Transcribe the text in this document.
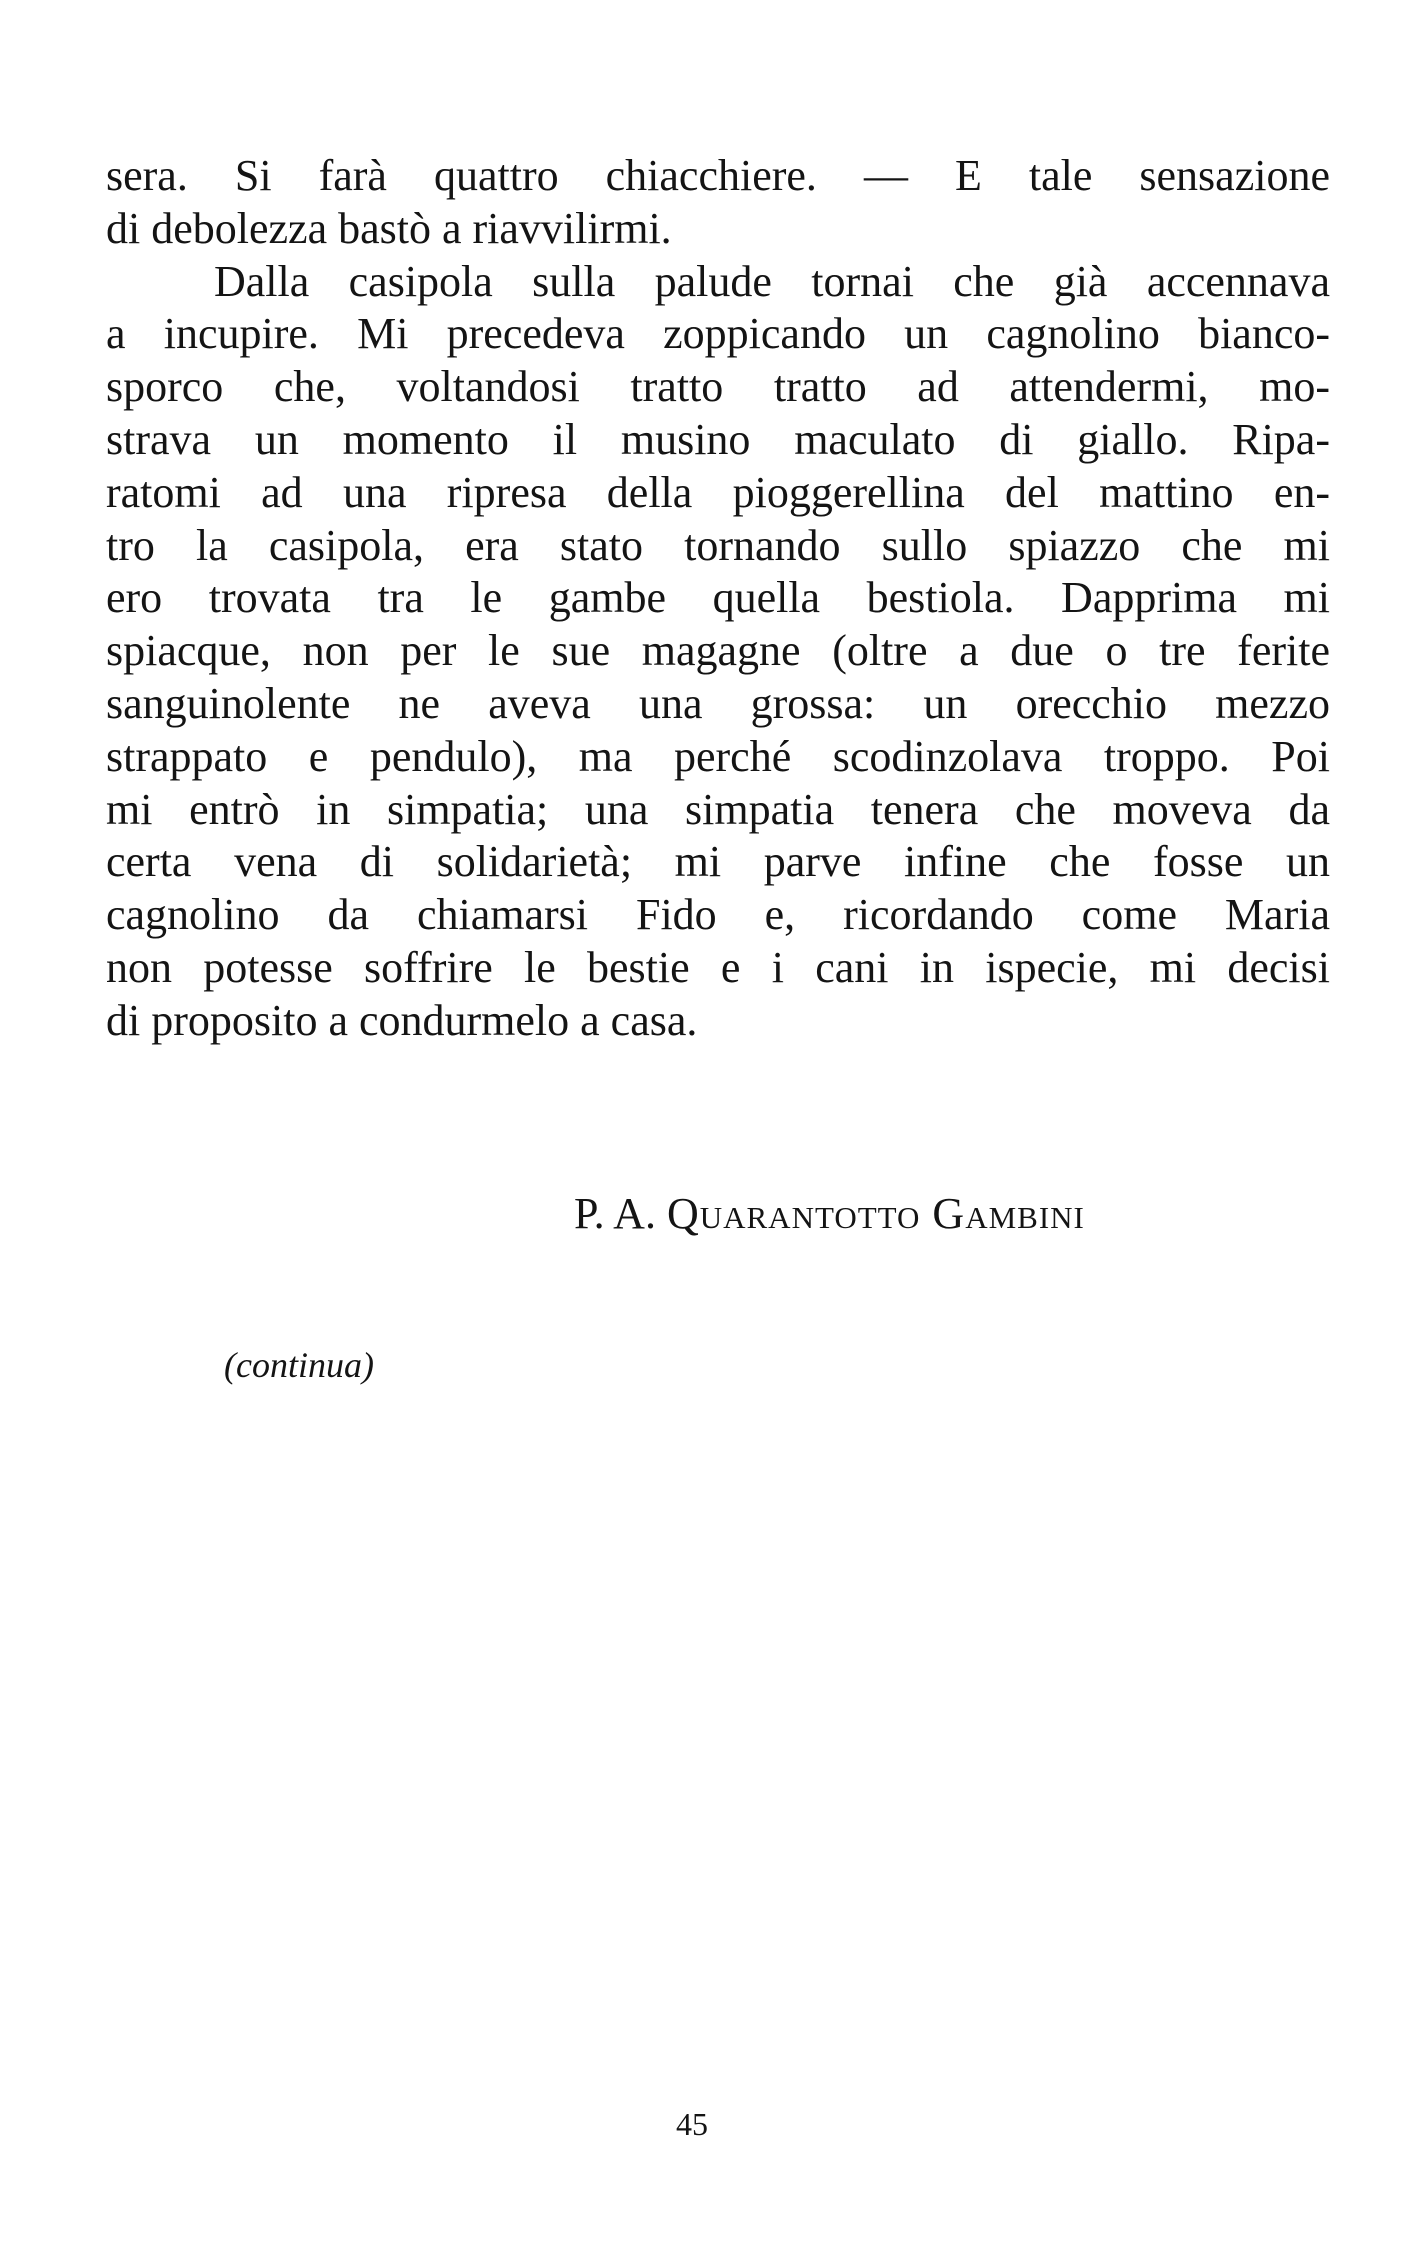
sera. Si farà quattro chiacchiere. — E tale sensazione
di debolezza bastò a riavvilirmi.
Dalla casipola sulla palude tornai che già accennava
a incupire. Mi precedeva zoppicando un cagnolino bianco-
sporco che, voltandosi tratto tratto ad attendermi, mo-
strava un momento il musino maculato di giallo. Ripa-
ratomi ad una ripresa della pioggerellina del mattino en-
tro la casipola, era stato tornando sullo spiazzo che mi
ero trovata tra le gambe quella bestiola. Dapprima mi
spiacque, non per le sue magagne (oltre a due o tre ferite
sanguinolente ne aveva una grossa: un orecchio mezzo
strappato e pendulo), ma perché scodinzolava troppo. Poi
mi entrò in simpatia; una simpatia tenera che moveva da
certa vena di solidarietà; mi parve infine che fosse un
cagnolino da chiamarsi Fido e, ricordando come Maria
non potesse soffrire le bestie e i cani in ispecie, mi decisi
di proposito a condurmelo a casa.
P. A. Quarantotto Gambini
(continua)
45
